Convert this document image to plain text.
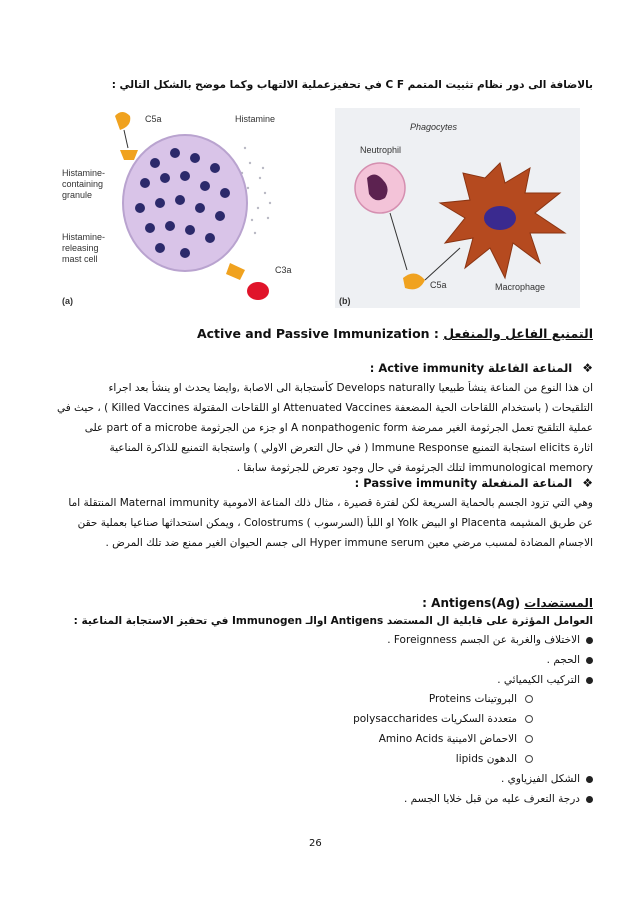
بالاضافة الى دور نظام تثبيت المتمم C F في تحفيزعملية الالتهاب وكما موضح بالشكل التالي :
C5a	Histamine
Histamine-
containing
granule
Histamine-
releasing
mast cell
C3a
(a)
Phagocytes
Neutrophil
C5a	Macrophage
(b)
التمنيع الفاعل والمنفعل : Active and Passive Immunization
❖ المناعة الفاعلة Active immunity :
ان هذا النوع من المناعة ينشأ طبيعيا Develops naturally كأستجابة الى الاصابة ,وايضا يحدث او ينشأ بعد اجراء
التلقيحات ( باستخدام اللقاحات الحية المضعفة Attenuated Vaccines او اللقاحات المقتولة Killed Vaccines ) ، حيث في
عملية التلقيح تعمل الجرثومة الغير ممرضة A nonpathogenic form او جزء من الجرثومة part of a microbe على
اثارة elicits استجابة التمنيع Immune Response ( في حال التعرض الاولي ) واستجابة التمنيع للذاكرة المناعية
immunological memory لتلك الجرثومة في حال وجود تعرض للجرثومة سابقا .
❖ المناعة المنفعلة Passive immunity :
وهي التي تزود الجسم بالحماية السريعة لكن لفترة قصيرة ، مثال ذلك المناعة الامومية Maternal immunity المنتقلة اما
عن طريق المشيمه Placenta او البيض Yolk او اللبأ (السرسوب ) Colostrums ، ويمكن استحداثها صناعيا بعملية حقن
الاجسام المضادة لمسبب مرضي معين Hyper immune serum الى جسم الحيوان الغير ممنع ضد تلك المرض .
المستضدات Antigens(Ag) :
العوامل المؤثرة على قابلية ال المستضد Antigens اوالـ Immunogen في تحفيز الاستجابة المناعية :
الاختلاف والغربة عن الجسم Foreignness .
الحجم .
التركيب الكيميائي .
البروتينات Proteins
متعددة السكريات polysaccharides
الاحماض الامينية Amino Acids
الدهون lipids
الشكل الفيزياوي .
درجة التعرف عليه من قبل خلايا الجسم .
26
